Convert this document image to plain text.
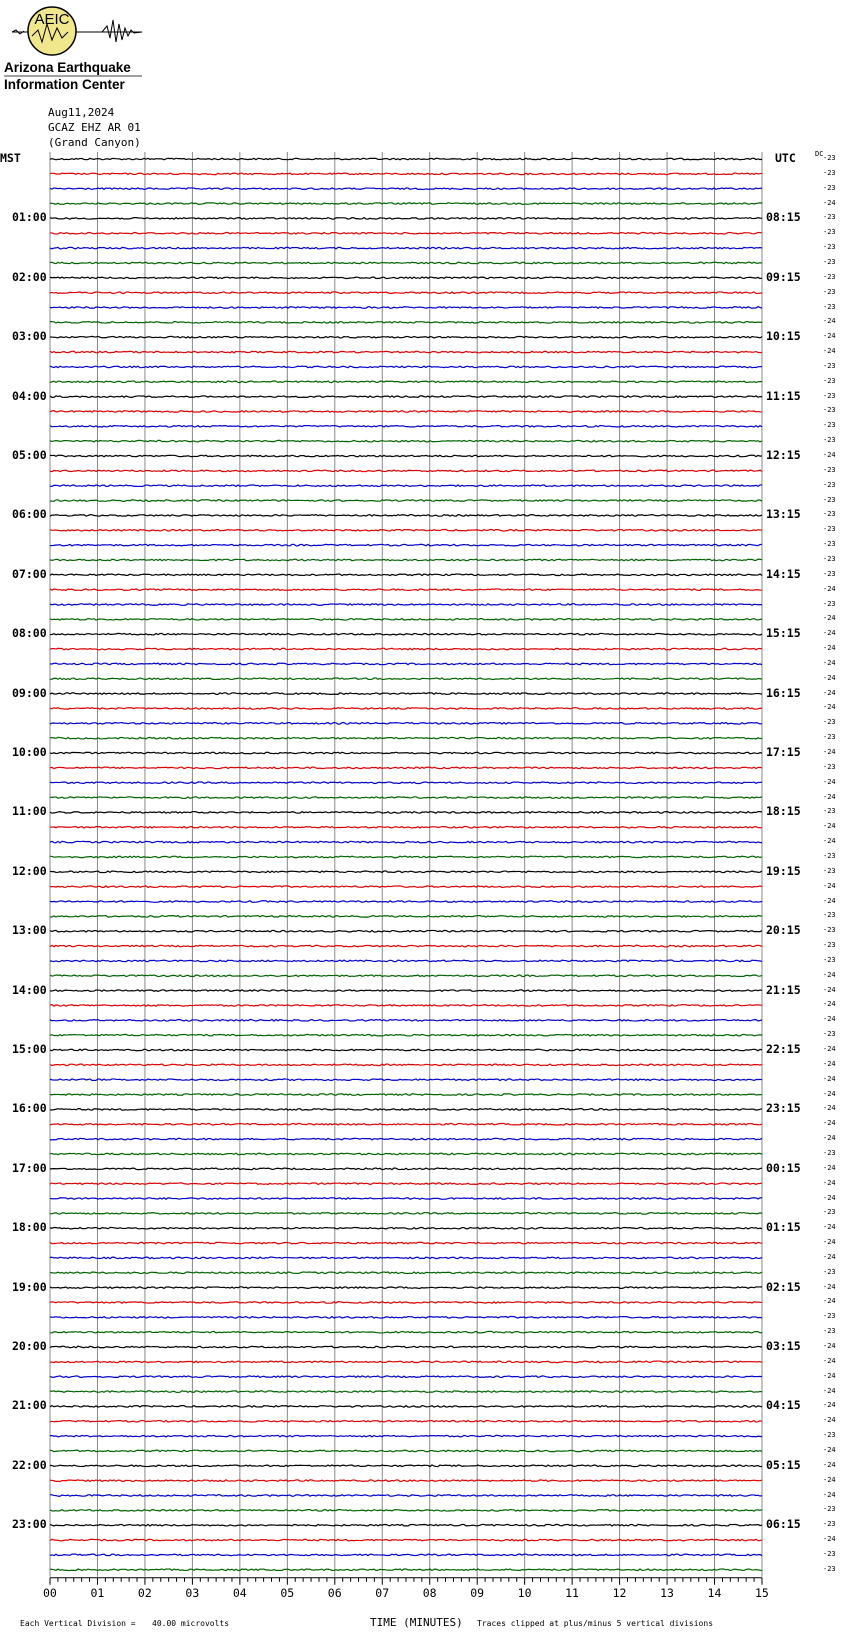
AEIC
Arizona Earthquake
Information Center
Aug11,2024
GCAZ EHZ AR 01
(Grand Canyon)
MST	UTC	DC
01:00
02:00
03:00
04:00
05:00
06:00
07:00
08:00
09:00
10:00
11:00
12:00
13:00
14:00
15:00
16:00
17:00
18:00
19:00
20:00
21:00
22:00
23:00
08:15
09:15
10:15
11:15
12:15
13:15
14:15
15:15
16:15
17:15
18:15
19:15
20:15
21:15
22:15
23:15
00:15
01:15
02:15
03:15
04:15
05:15
06:15
-23
-23
-23
-24
-23
-23
-23
-23
-23
-23
-23
-24
-24
-24
-23
-23
-23
-23
-23
-23
-24
-23
-23
-23
-23
-23
-23
-23
-23
-24
-23
-24
-24
-24
-24
-24
-24
-24
-23
-23
-24
-23
-24
-24
-23
-24
-24
-23
-23
-24
-24
-23
-23
-23
-23
-24
-24
-24
-24
-23
-24
-24
-24
-24
-24
-24
-24
-23
-24
-24
-24
-23
-24
-24
-24
-23
-24
-24
-23
-23
-24
-24
-24
-24
-24
-24
-23
-24
-24
-24
-24
-23
-23
-24
-23
-23
00	01	02	03	04	05	06	07	08	09	10	11	12	13	14	15
Each Vertical Division = 40.00 microvolts	TIME (MINUTES) Traces clipped at plus/minus 5 vertical divisions
